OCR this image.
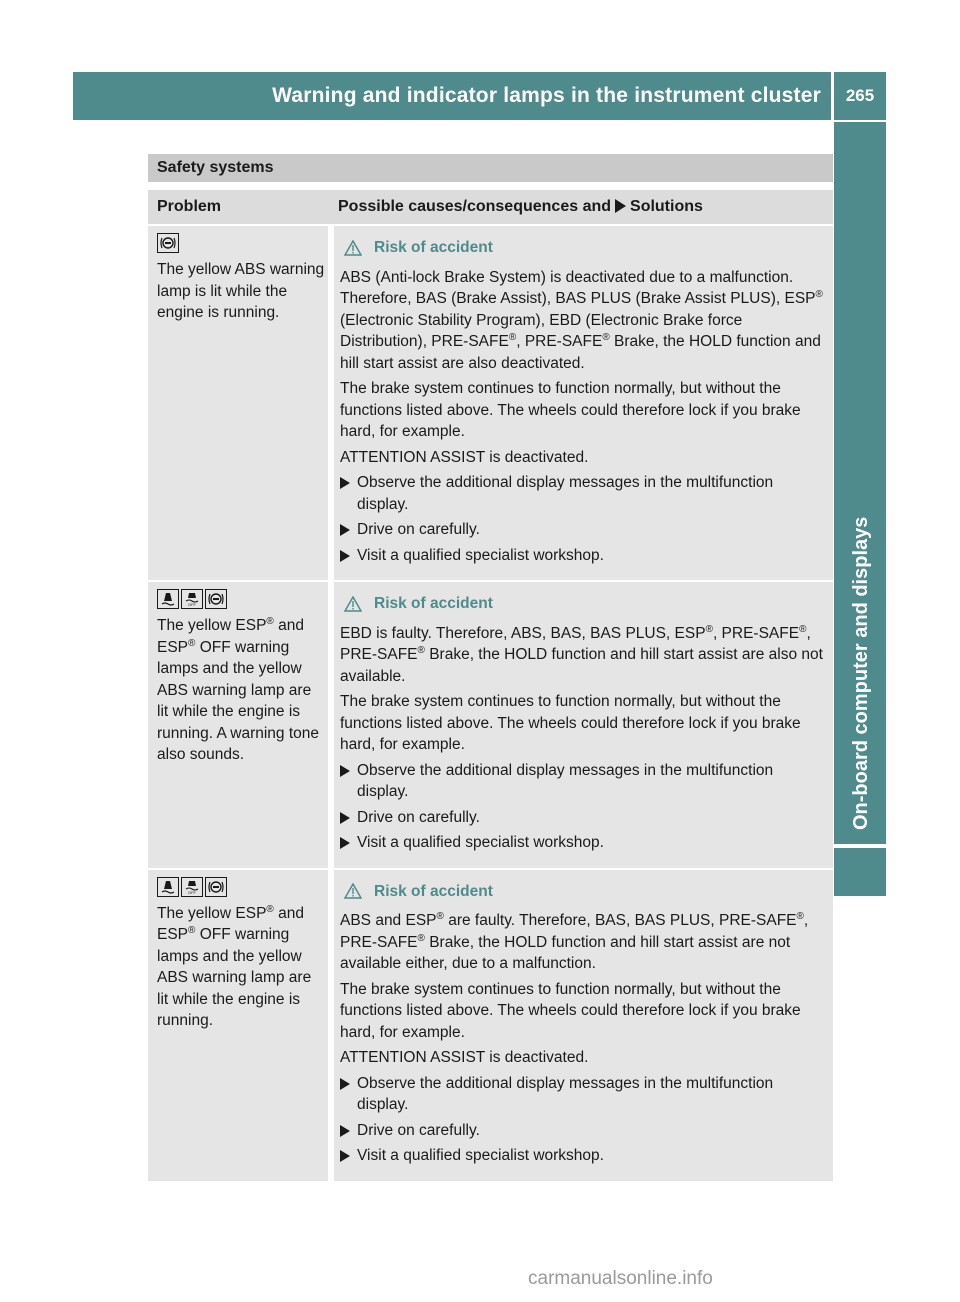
Warning and indicator lamps in the instrument cluster	265
On-board computer and displays
Safety systems
Problem	Possible causes/consequences and Solutions
The yellow ABS warning lamp is lit while the engine is running.
Risk of accident

ABS (Anti-lock Brake System) is deactivated due to a malfunction. Therefore, BAS (Brake Assist), BAS PLUS (Brake Assist PLUS), ESP® (Electronic Stability Program), EBD (Electronic Brake force Distribution), PRE-SAFE®, PRE-SAFE® Brake, the HOLD function and hill start assist are also deactivated.

The brake system continues to function normally, but without the functions listed above. The wheels could therefore lock if you brake hard, for example.

ATTENTION ASSIST is deactivated.

Observe the additional display messages in the multifunction display.
Drive on carefully.
Visit a qualified specialist workshop.
OFF
The yellow ESP® and ESP® OFF warning lamps and the yellow ABS warning lamp are lit while the engine is running. A warning tone also sounds.
Risk of accident

EBD is faulty. Therefore, ABS, BAS, BAS PLUS, ESP®, PRE-SAFE®, PRE-SAFE® Brake, the HOLD function and hill start assist are also not available.

The brake system continues to function normally, but without the functions listed above. The wheels could therefore lock if you brake hard, for example.

Observe the additional display messages in the multifunction display.
Drive on carefully.
Visit a qualified specialist workshop.
OFF
The yellow ESP® and ESP® OFF warning lamps and the yellow ABS warning lamp are lit while the engine is running.
Risk of accident

ABS and ESP® are faulty. Therefore, BAS, BAS PLUS, PRE-SAFE®, PRE-SAFE® Brake, the HOLD function and hill start assist are not available either, due to a malfunction.

The brake system continues to function normally, but without the functions listed above. The wheels could therefore lock if you brake hard, for example.

ATTENTION ASSIST is deactivated.

Observe the additional display messages in the multifunction display.
Drive on carefully.
Visit a qualified specialist workshop.
carmanualsonline.info
